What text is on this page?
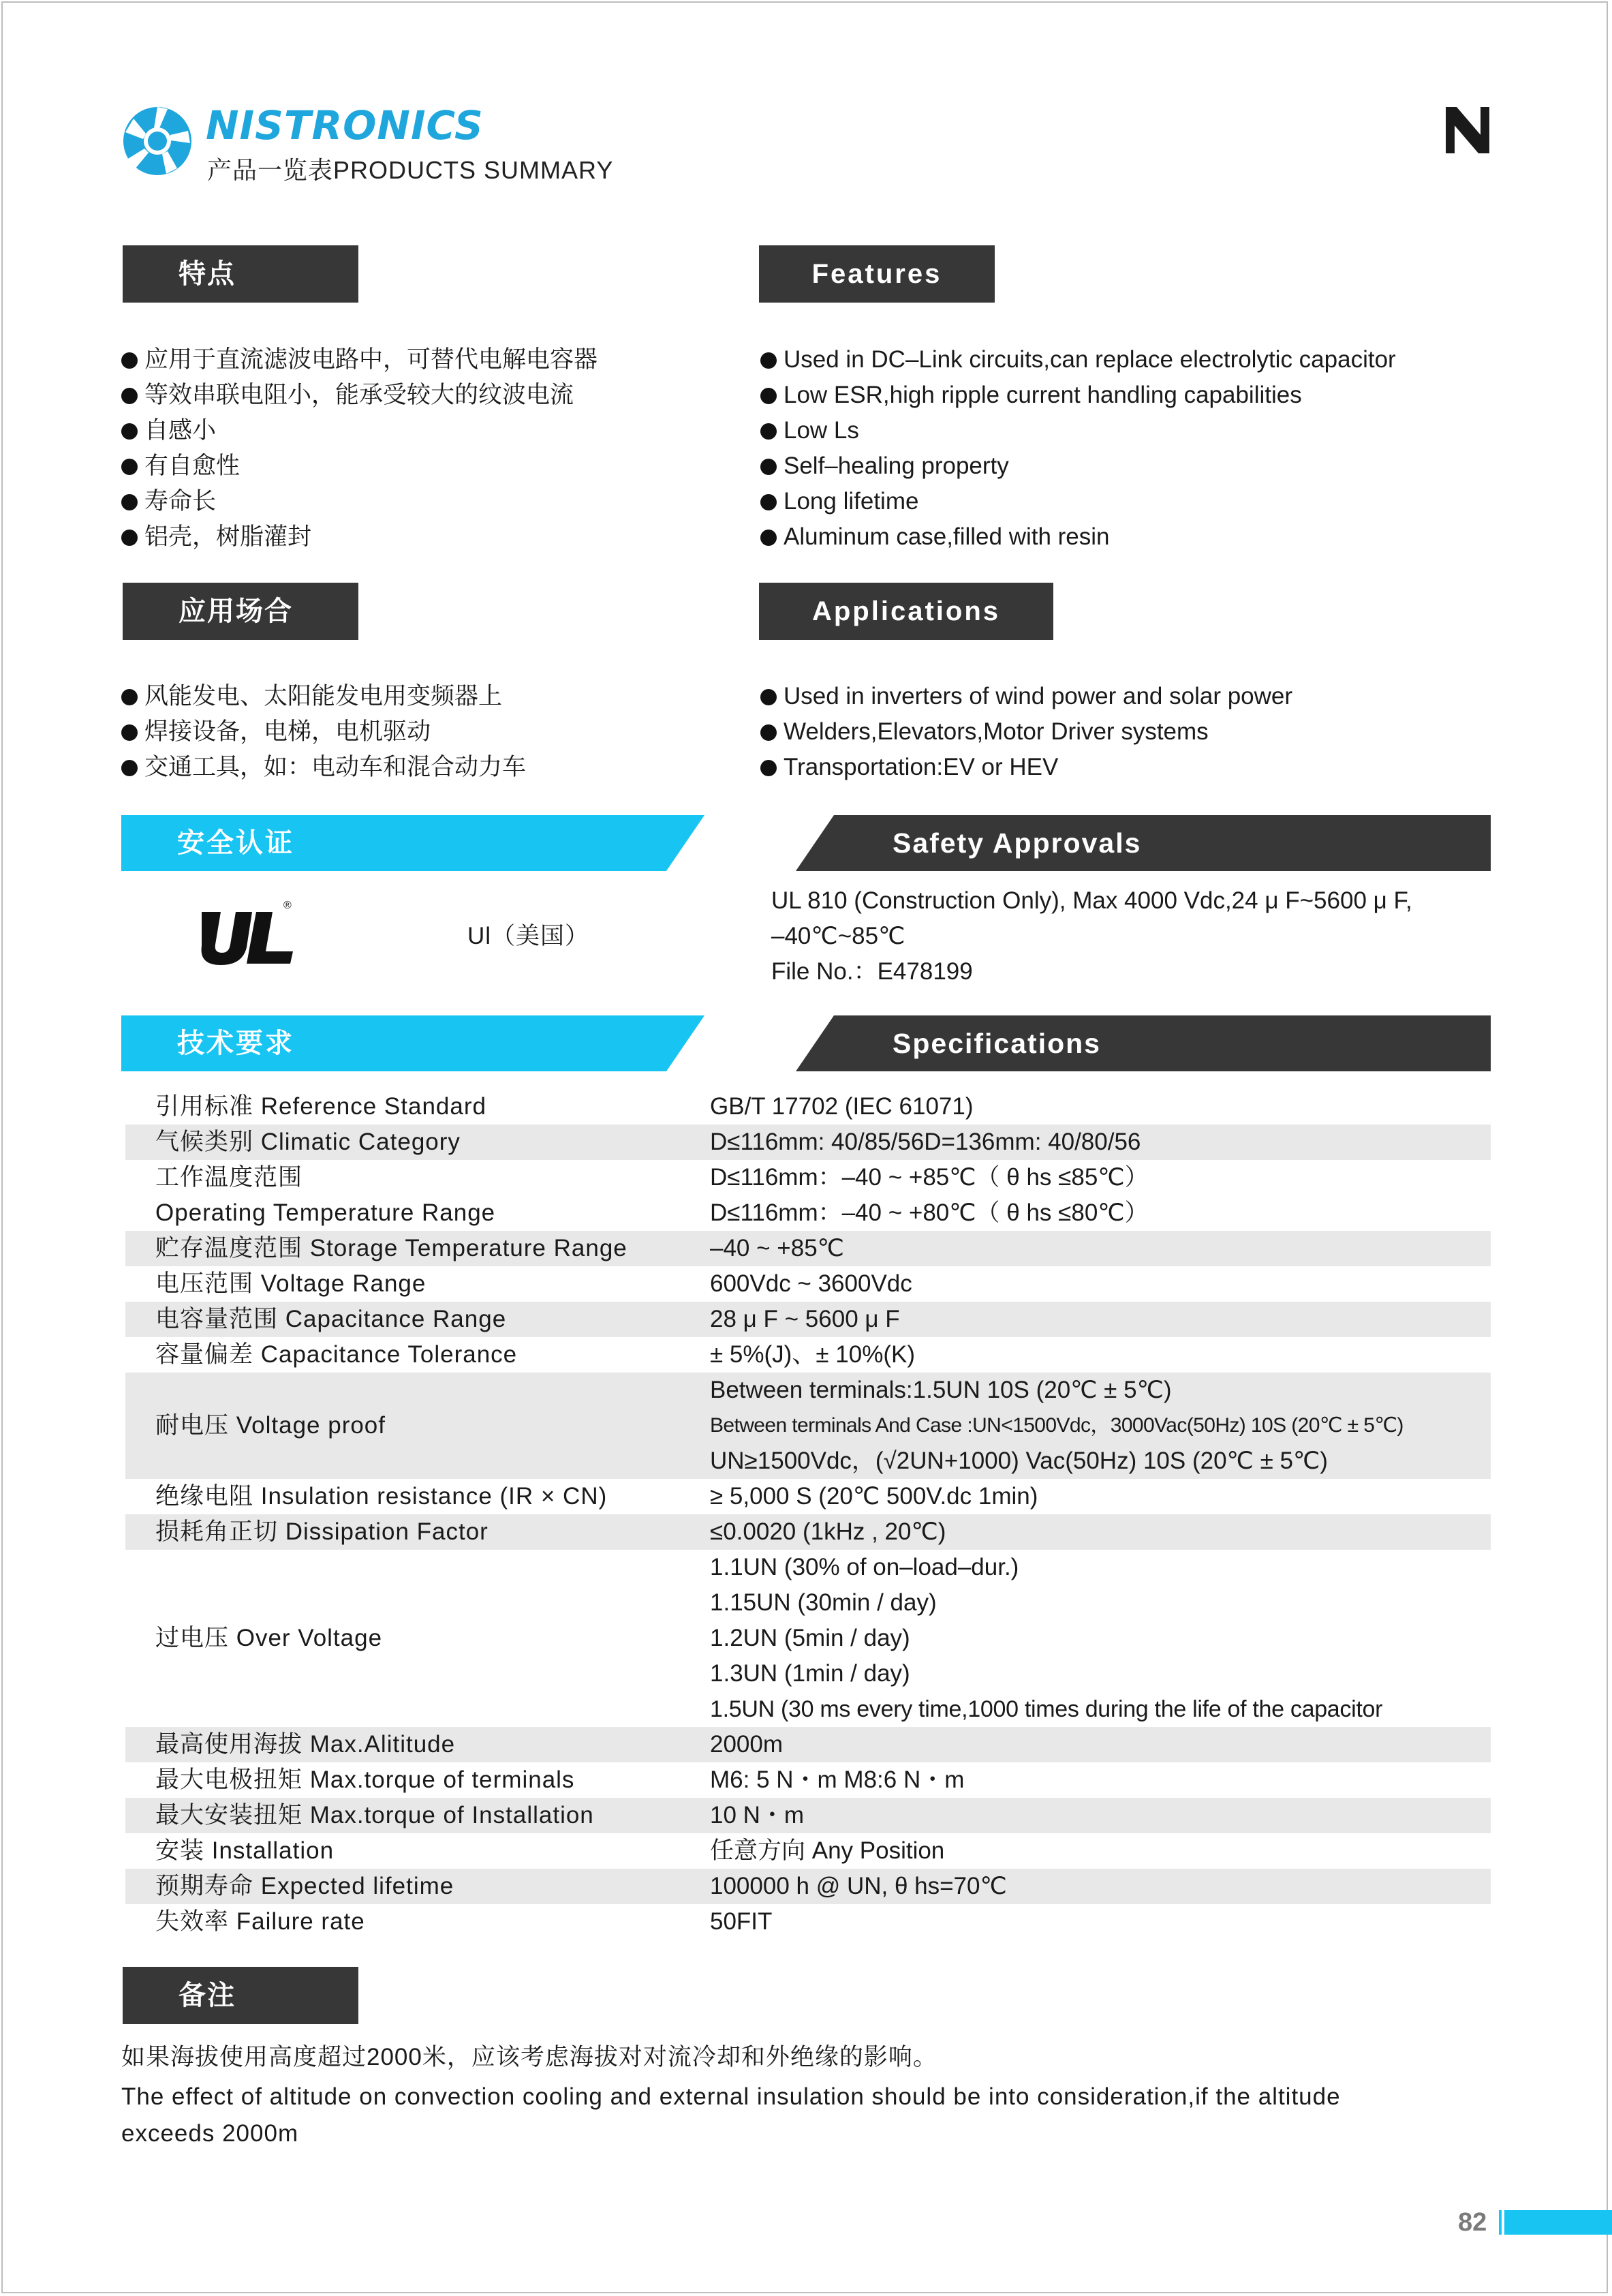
NISTRONICS
产品一览表PRODUCTS SUMMARY
特点	Features
应用于直流滤波电路中，可替代电解电容器
等效串联电阻小，能承受较大的纹波电流
自感小
有自愈性
寿命长
铝壳，树脂灌封
Used in DC–Link circuits,can replace electrolytic capacitor
Low ESR,high ripple current handling capabilities
Low Ls
Self–healing property
Long lifetime
Aluminum case,filled with resin
应用场合	Applications
风能发电、太阳能发电用变频器上
焊接设备，电梯，电机驱动
交通工具，如：电动车和混合动力车
Used in inverters of wind power and solar power
Welders,Elevators,Motor Driver systems
Transportation:EV or HEV
安全认证	Safety Approvals
®
Ul（美国）
UL 810 (Construction Only), Max 4000 Vdc,24 μ F~5600 μ F,
–40℃~85℃
File No.：E478199
技术要求	Specifications
引用标准 Reference Standard	GB/T 17702 (IEC 61071)
气候类别 Climatic Category	D≤116mm: 40/85/56D=136mm: 40/80/56
工作温度范围	D≤116mm：–40 ~ +85℃（ θ hs ≤85℃）
Operating Temperature Range	D≤116mm：–40 ~ +80℃（ θ hs ≤80℃）
贮存温度范围 Storage Temperature Range	–40 ~ +85℃
电压范围 Voltage Range	600Vdc ~ 3600Vdc
电容量范围 Capacitance Range	28 μ F ~ 5600 μ F
容量偏差 Capacitance Tolerance	± 5%(J)、± 10%(K)
耐电压 Voltage proof
Between terminals:1.5UN 10S (20℃ ± 5℃)
Between terminals And Case :UN<1500Vdc，3000Vac(50Hz) 10S (20℃ ± 5℃)
UN≥1500Vdc，(√2UN+1000) Vac(50Hz) 10S (20℃ ± 5℃)
绝缘电阻 Insulation resistance (IR × CN)	≥ 5,000 S (20℃ 500V.dc 1min)
损耗角正切 Dissipation Factor	≤0.0020 (1kHz , 20℃)
过电压 Over Voltage
1.1UN (30% of on–load–dur.)
1.15UN (30min / day)
1.2UN (5min / day)
1.3UN (1min / day)
1.5UN (30 ms every time,1000 times during the life of the capacitor
最高使用海拔 Max.Alititude	2000m
最大电极扭矩 Max.torque of terminals	M6: 5 N・m M8:6 N・m
最大安装扭矩 Max.torque of Installation	10 N・m
安装 Installation	任意方向 Any Position
预期寿命 Expected lifetime	100000 h @ UN, θ hs=70℃
失效率 Failure rate	50FIT
备注
如果海拔使用高度超过2000米，应该考虑海拔对对流冷却和外绝缘的影响。
The effect of altitude on convection cooling and external insulation should be into consideration,if the altitude
exceeds 2000m
82
